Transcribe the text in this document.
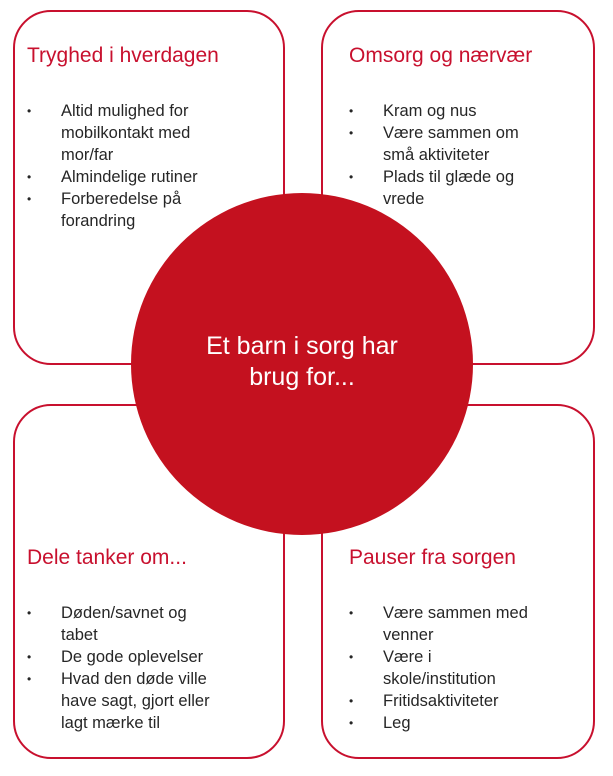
Tryghed i hverdagen
• Altid mulighed for mobilkontakt med mor/far
• Almindelige rutiner
• Forberedelse på forandring
Omsorg og nærvær
• Kram og nus
• Være sammen om små aktiviteter
• Plads til glæde og vrede
Dele tanker om...
• Døden/savnet og tabet
• De gode oplevelser
• Hvad den døde ville have sagt, gjort eller lagt mærke til
Pauser fra sorgen
• Være sammen med venner
• Være i skole/institution
• Fritidsaktiviteter
• Leg
Et barn i sorg har brug for...
